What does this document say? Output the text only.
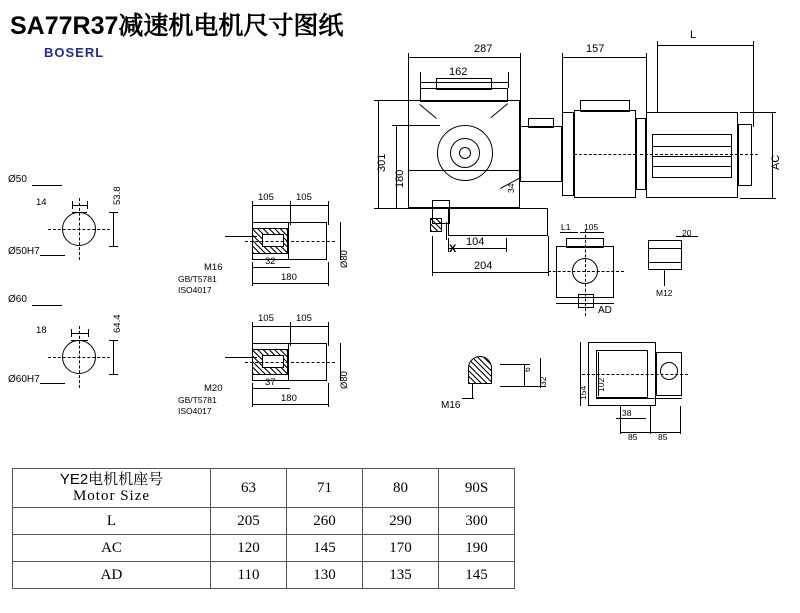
SA77R37减速机电机尺寸图纸
BOSERL
14	53.8
Ø50
Ø50H7
18	64.4
Ø60
Ø60H7
105 105
32
180
Ø80
M16
GB/T5781
ISO4017
105 105
37
180
Ø80
M20
GB/T5781
ISO4017
287
162
157
L
301
180
34
104
204
AC
X
L1 105
AD
20
M12
6
32
M16
154
102
38
85 85
YE2电机机座号
Motor Size	63	71	80	90S
L	205	260	290	300
AC	120	145	170	190
AD	110	130	135	145
